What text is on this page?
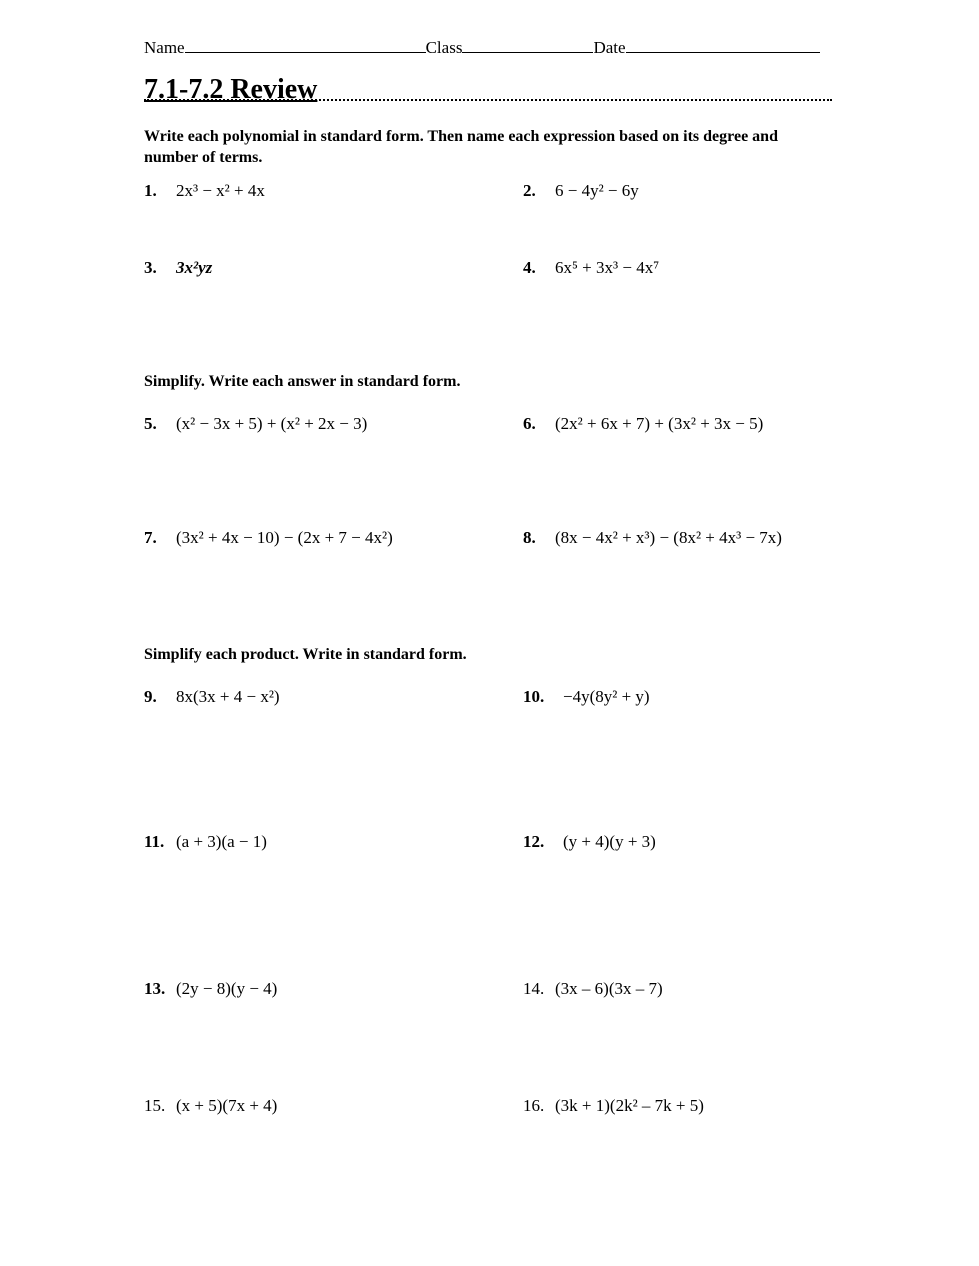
Name	Class	Date
7.1-7.2 Review
Write each polynomial in standard form. Then name each expression based on its degree and number of terms.
1. 2x³ − x² + 4x	2. 6 − 4y² − 6y
3. 3x²yz	4. 6x⁵ + 3x³ − 4x⁷
Simplify. Write each answer in standard form.
5. (x² − 3x + 5) + (x² + 2x − 3)	6. (2x² + 6x + 7) + (3x² + 3x − 5)
7. (3x² + 4x − 10) − (2x + 7 − 4x²)	8. (8x − 4x² + x³) − (8x² + 4x³ − 7x)
Simplify each product. Write in standard form.
9. 8x(3x + 4 − x²)	10. −4y(8y² + y)
11. (a + 3)(a − 1)	12. (y + 4)(y + 3)
13. (2y − 8)(y − 4)	14. (3x – 6)(3x – 7)
15. (x + 5)(7x + 4)	16. (3k + 1)(2k² – 7k + 5)
